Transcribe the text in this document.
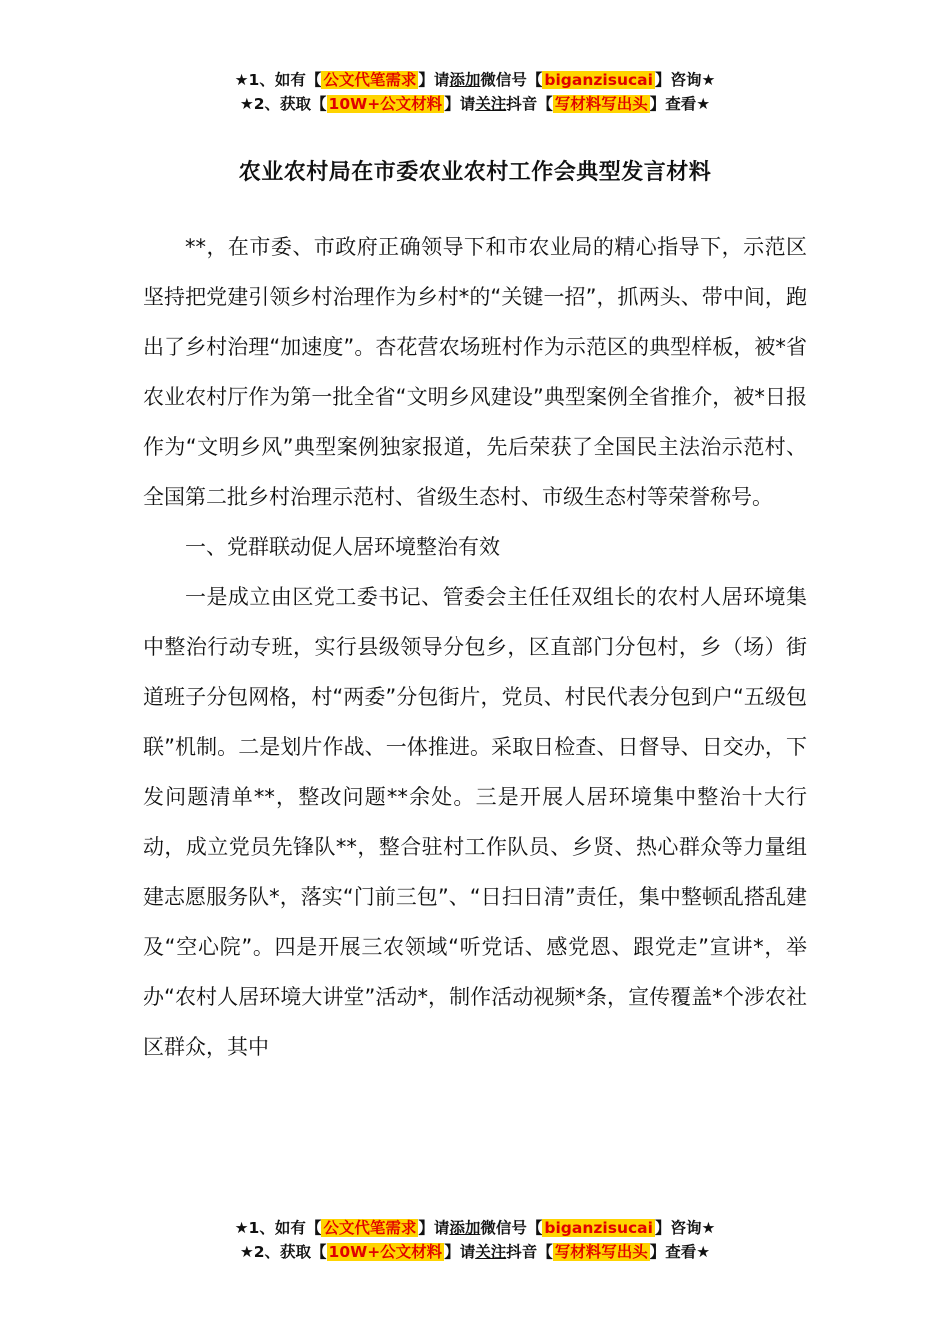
★1、如有【 公文代笔需求 】请添加微信号【 biganzisucai 】咨询★
★2、获取【 10W+公文材料 】请关注抖音【 写材料写出头 】查看★
农业农村局在市委农业农村工作会典型发言材料

**，在市委、市政府正确领导下和市农业局的精心指导下，示范区坚持把党建引领乡村治理作为乡村*的“关键一招”，抓两头、带中间，跑出了乡村治理“加速度”。杏花营农场班村作为示范区的典型样板，被*省农业农村厅作为第一批全省“文明乡风建设”典型案例全省推介，被*日报作为“文明乡风”典型案例独家报道，先后荣获了全国民主法治示范村、全国第二批乡村治理示范村、省级生态村、市级生态村等荣誉称号。

一、党群联动促人居环境整治有效

一是成立由区党工委书记、管委会主任任双组长的农村人居环境集中整治行动专班，实行县级领导分包乡，区直部门分包村，乡（场）街道班子分包网格，村“两委”分包街片，党员、村民代表分包到户“五级包联”机制。二是划片作战、一体推进。采取日检查、日督导、日交办，下发问题清单**，整改问题**余处。三是开展人居环境集中整治十大行动，成立党员先锋队**，整合驻村工作队员、乡贤、热心群众等力量组建志愿服务队*，落实“门前三包”、“日扫日清”责任，集中整顿乱搭乱建及“空心院”。四是开展三农领域“听党话、感党恩、跟党走”宣讲*，举办“农村人居环境大讲堂”活动*，制作活动视频*条，宣传覆盖*个涉农社区群众，其中

★1、如有【 公文代笔需求 】请添加微信号【 biganzisucai 】咨询★
★2、获取【 10W+公文材料 】请关注抖音【 写材料写出头 】查看★
